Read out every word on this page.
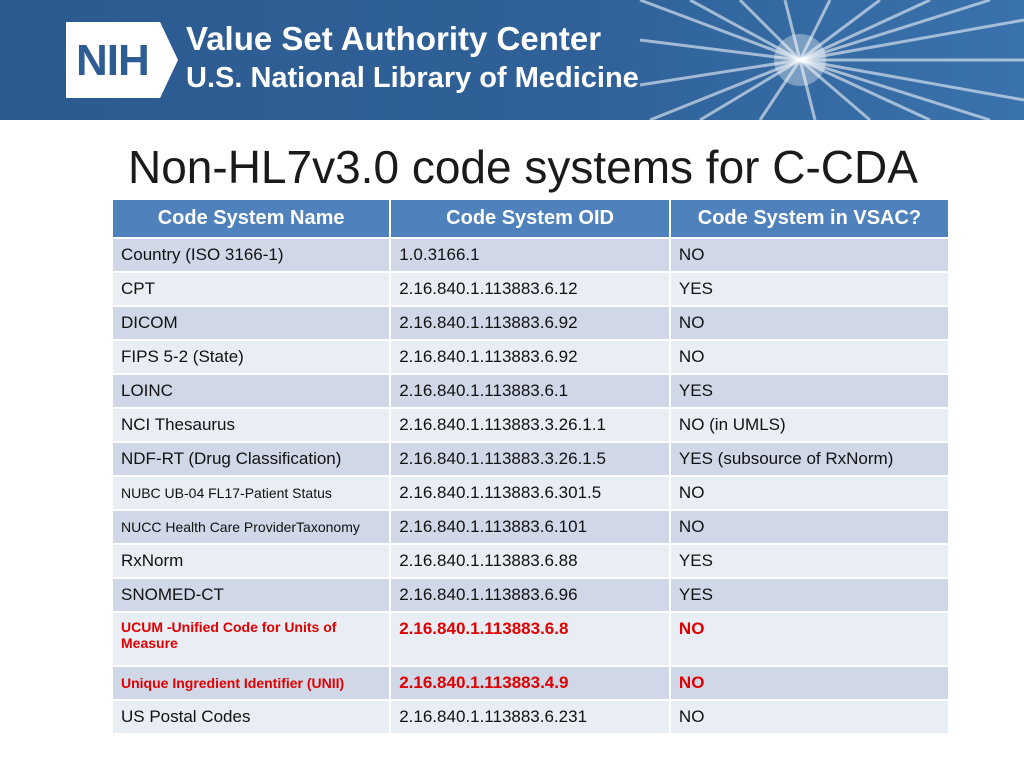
NIH Value Set Authority Center
U.S. National Library of Medicine
Non-HL7v3.0 code systems for C-CDA
Code System Name	Code System OID	Code System in VSAC?
Country (ISO 3166-1)	1.0.3166.1	NO
CPT	2.16.840.1.113883.6.12	YES
DICOM	2.16.840.1.113883.6.92	NO
FIPS 5-2 (State)	2.16.840.1.113883.6.92	NO
LOINC	2.16.840.1.113883.6.1	YES
NCI Thesaurus	2.16.840.1.113883.3.26.1.1	NO (in UMLS)
NDF-RT (Drug Classification)	2.16.840.1.113883.3.26.1.5	YES (subsource of RxNorm)
NUBC UB-04 FL17-Patient Status	2.16.840.1.113883.6.301.5	NO
NUCC Health Care ProviderTaxonomy	2.16.840.1.113883.6.101	NO
RxNorm	2.16.840.1.113883.6.88	YES
SNOMED-CT	2.16.840.1.113883.6.96	YES
UCUM -Unified Code for Units of Measure	2.16.840.1.113883.6.8	NO
Unique Ingredient Identifier (UNII)	2.16.840.1.113883.4.9	NO
US Postal Codes	2.16.840.1.113883.6.231	NO
